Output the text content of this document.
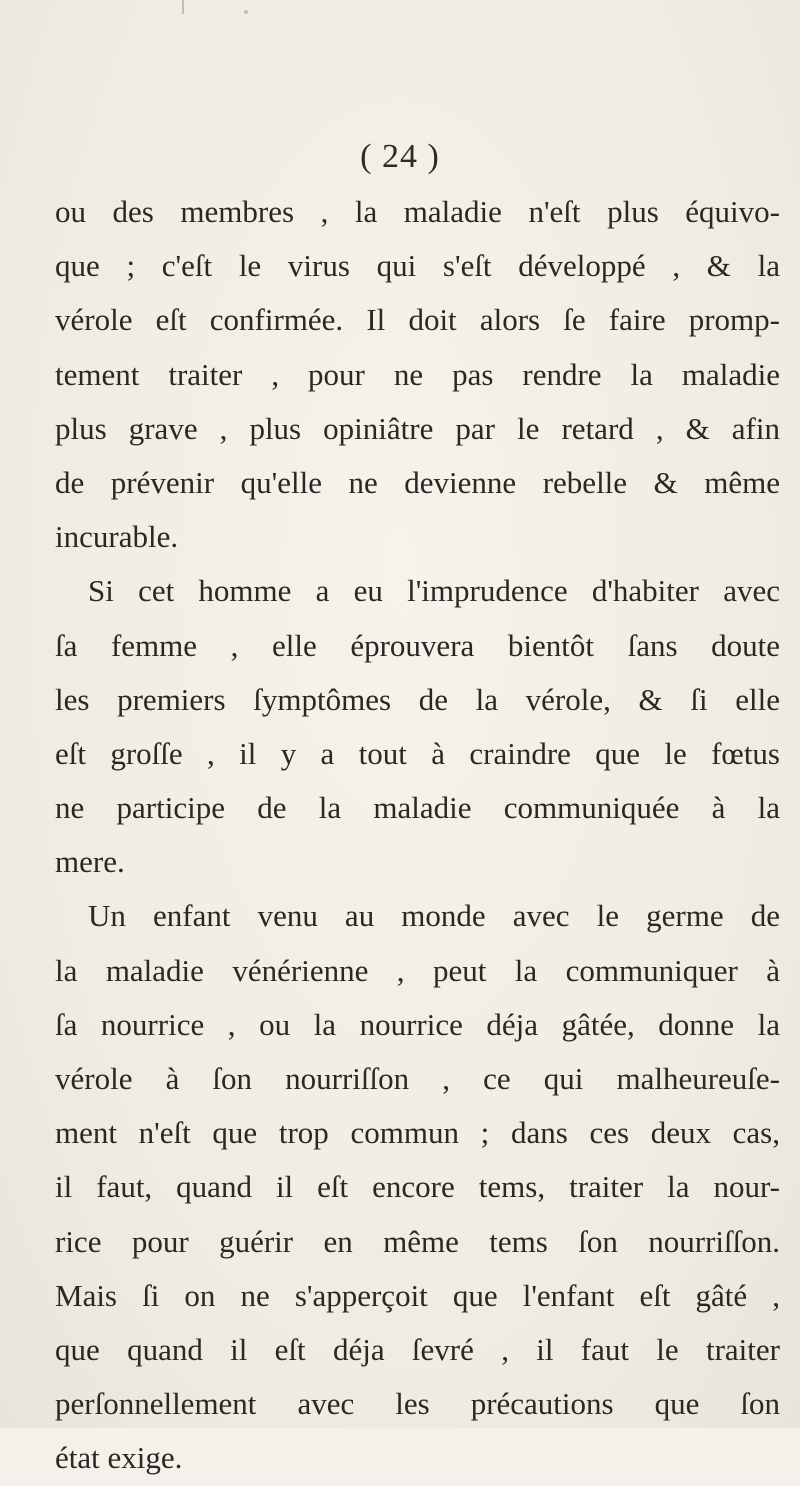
( 24 )
ou des membres , la maladie n'eſt plus équivo-
que ; c'eſt le virus qui s'eſt développé , & la
vérole eſt confirmée. Il doit alors ſe faire promp-
tement traiter , pour ne pas rendre la maladie
plus grave , plus opiniâtre par le retard , & afin
de prévenir qu'elle ne devienne rebelle & même
incurable.
Si cet homme a eu l'imprudence d'habiter avec
ſa femme , elle éprouvera bientôt ſans doute
les premiers ſymptômes de la vérole, & ſi elle
eſt groſſe , il y a tout à craindre que le fœtus
ne participe de la maladie communiquée à la
mere.
Un enfant venu au monde avec le germe de
la maladie vénérienne , peut la communiquer à
ſa nourrice , ou la nourrice déja gâtée, donne la
vérole à ſon nourriſſon , ce qui malheureuſe-
ment n'eſt que trop commun ; dans ces deux cas,
il faut, quand il eſt encore tems, traiter la nour-
rice pour guérir en même tems ſon nourriſſon.
Mais ſi on ne s'apperçoit que l'enfant eſt gâté ,
que quand il eſt déja ſevré , il faut le traiter
perſonnellement avec les précautions que ſon
état exige.
